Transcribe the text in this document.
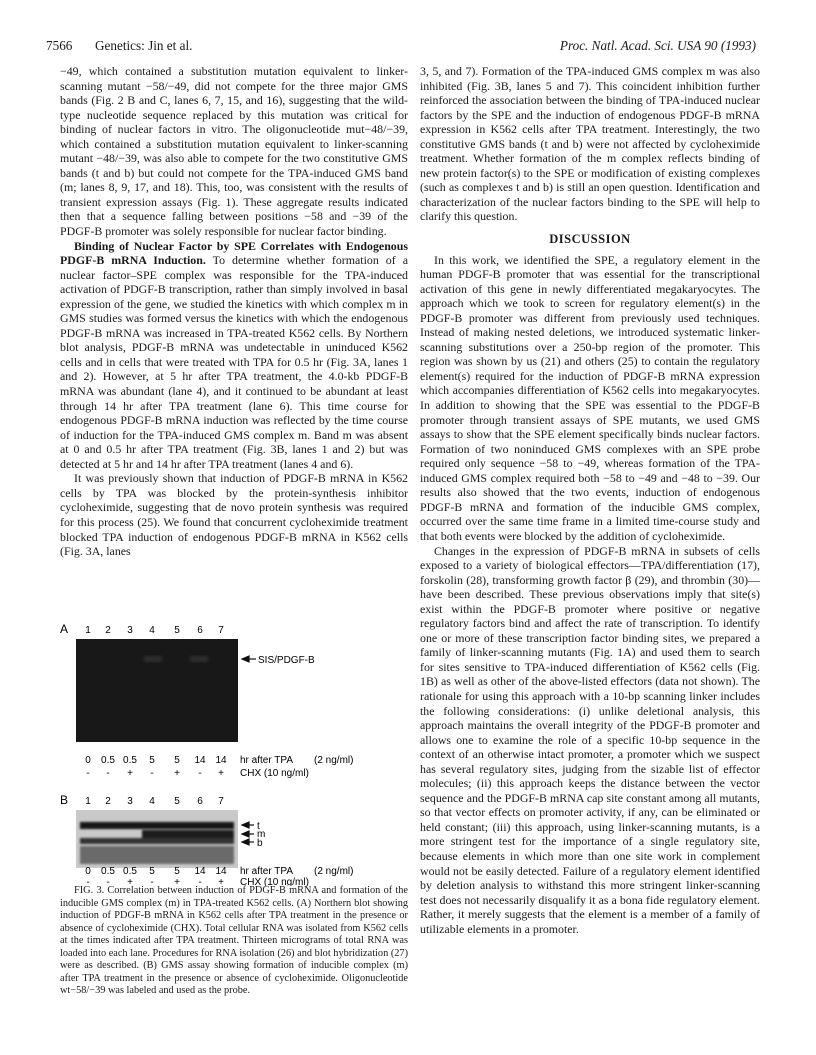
7566 Genetics: Jin et al.	Proc. Natl. Acad. Sci. USA 90 (1993)

−49, which contained a substitution mutation equivalent to linker-scanning mutant −58/−49, did not compete for the three major GMS bands (Fig. 2 B and C, lanes 6, 7, 15, and 16), suggesting that the wild-type nucleotide sequence replaced by this mutation was critical for binding of nuclear factors in vitro. The oligonucleotide mut−48/−39, which contained a substitution mutation equivalent to linker-scanning mutant −48/−39, was also able to compete for the two constitutive GMS bands (t and b) but could not compete for the TPA-induced GMS band (m; lanes 8, 9, 17, and 18). This, too, was consistent with the results of transient expression assays (Fig. 1). These aggregate results indicated then that a sequence falling between positions −58 and −39 of the PDGF-B promoter was solely responsible for nuclear factor binding.

Binding of Nuclear Factor by SPE Correlates with Endogenous PDGF-B mRNA Induction. To determine whether formation of a nuclear factor–SPE complex was responsible for the TPA-induced activation of PDGF-B transcription, rather than simply involved in basal expression of the gene, we studied the kinetics with which complex m in GMS studies was formed versus the kinetics with which the endogenous PDGF-B mRNA was increased in TPA-treated K562 cells. By Northern blot analysis, PDGF-B mRNA was undetectable in uninduced K562 cells and in cells that were treated with TPA for 0.5 hr (Fig. 3A, lanes 1 and 2). However, at 5 hr after TPA treatment, the 4.0-kb PDGF-B mRNA was abundant (lane 4), and it continued to be abundant at least through 14 hr after TPA treatment (lane 6). This time course for endogenous PDGF-B mRNA induction was reflected by the time course of induction for the TPA-induced GMS complex m. Band m was absent at 0 and 0.5 hr after TPA treatment (Fig. 3B, lanes 1 and 2) but was detected at 5 hr and 14 hr after TPA treatment (lanes 4 and 6).

It was previously shown that induction of PDGF-B mRNA in K562 cells by TPA was blocked by the protein-synthesis inhibitor cycloheximide, suggesting that de novo protein synthesis was required for this process (25). We found that concurrent cycloheximide treatment blocked TPA induction of endogenous PDGF-B mRNA in K562 cells (Fig. 3A, lanes

3, 5, and 7). Formation of the TPA-induced GMS complex m was also inhibited (Fig. 3B, lanes 5 and 7). This coincident inhibition further reinforced the association between the binding of TPA-induced nuclear factors by the SPE and the induction of endogenous PDGF-B mRNA expression in K562 cells after TPA treatment. Interestingly, the two constitutive GMS bands (t and b) were not affected by cycloheximide treatment. Whether formation of the m complex reflects binding of new protein factor(s) to the SPE or modification of existing complexes (such as complexes t and b) is still an open question. Identification and characterization of the nuclear factors binding to the SPE will help to clarify this question.

DISCUSSION

In this work, we identified the SPE, a regulatory element in the human PDGF-B promoter that was essential for the transcriptional activation of this gene in newly differentiated megakaryocytes. The approach which we took to screen for regulatory element(s) in the PDGF-B promoter was different from previously used techniques. Instead of making nested deletions, we introduced systematic linker-scanning substitutions over a 250-bp region of the promoter. This region was shown by us (21) and others (25) to contain the regulatory element(s) required for the induction of PDGF-B mRNA expression which accompanies differentiation of K562 cells into megakaryocytes. In addition to showing that the SPE was essential to the PDGF-B promoter through transient assays of SPE mutants, we used GMS assays to show that the SPE element specifically binds nuclear factors. Formation of two noninduced GMS complexes with an SPE probe required only sequence −58 to −49, whereas formation of the TPA-induced GMS complex required both −58 to −49 and −48 to −39. Our results also showed that the two events, induction of endogenous PDGF-B mRNA and formation of the inducible GMS complex, occurred over the same time frame in a limited time-course study and that both events were blocked by the addition of cycloheximide.

Changes in the expression of PDGF-B mRNA in subsets of cells exposed to a variety of biological effectors—TPA/differentiation (17), forskolin (28), transforming growth factor β (29), and thrombin (30)—have been described. These previous observations imply that site(s) exist within the PDGF-B promoter where positive or negative regulatory factors bind and affect the rate of transcription. To identify one or more of these transcription factor binding sites, we prepared a family of linker-scanning mutants (Fig. 1A) and used them to search for sites sensitive to TPA-induced differentiation of K562 cells (Fig. 1B) as well as other of the above-listed effectors (data not shown). The rationale for using this approach with a 10-bp scanning linker includes the following considerations: (i) unlike deletional analysis, this approach maintains the overall integrity of the PDGF-B promoter and allows one to examine the role of a specific 10-bp sequence in the context of an otherwise intact promoter, a promoter which we suspect has several regulatory sites, judging from the sizable list of effector molecules; (ii) this approach keeps the distance between the vector sequence and the PDGF-B mRNA cap site constant among all mutants, so that vector effects on promoter activity, if any, can be eliminated or held constant; (iii) this approach, using linker-scanning mutants, is a more stringent test for the importance of a single regulatory site, because elements in which more than one site work in complement would not be easily detected. Failure of a regulatory element identified by deletion analysis to withstand this more stringent linker-scanning test does not necessarily disqualify it as a bona fide regulatory element. Rather, it merely suggests that the element is a member of a family of utilizable elements in a promoter.

A 1 2 3 4 5 6 7
SIS/PDGF-B
0 0.5 0.5 5 5 14 14
- - + - + - +
hr after TPA (2 ng/ml)
CHX (10 ng/ml)
B 1 2 3 4 5 6 7
t
m
b
0 0.5 0.5 5 5 14 14
- - + - + - +
hr after TPA (2 ng/ml)
CHX (10 ng/ml)

FIG. 3. Correlation between induction of PDGF-B mRNA and formation of the inducible GMS complex (m) in TPA-treated K562 cells. (A) Northern blot showing induction of PDGF-B mRNA in K562 cells after TPA treatment in the presence or absence of cycloheximide (CHX). Total cellular RNA was isolated from K562 cells at the times indicated after TPA treatment. Thirteen micrograms of total RNA was loaded into each lane. Procedures for RNA isolation (26) and blot hybridization (27) were as described. (B) GMS assay showing formation of inducible complex (m) after TPA treatment in the presence or absence of cycloheximide. Oligonucleotide wt−58/−39 was labeled and used as the probe.
